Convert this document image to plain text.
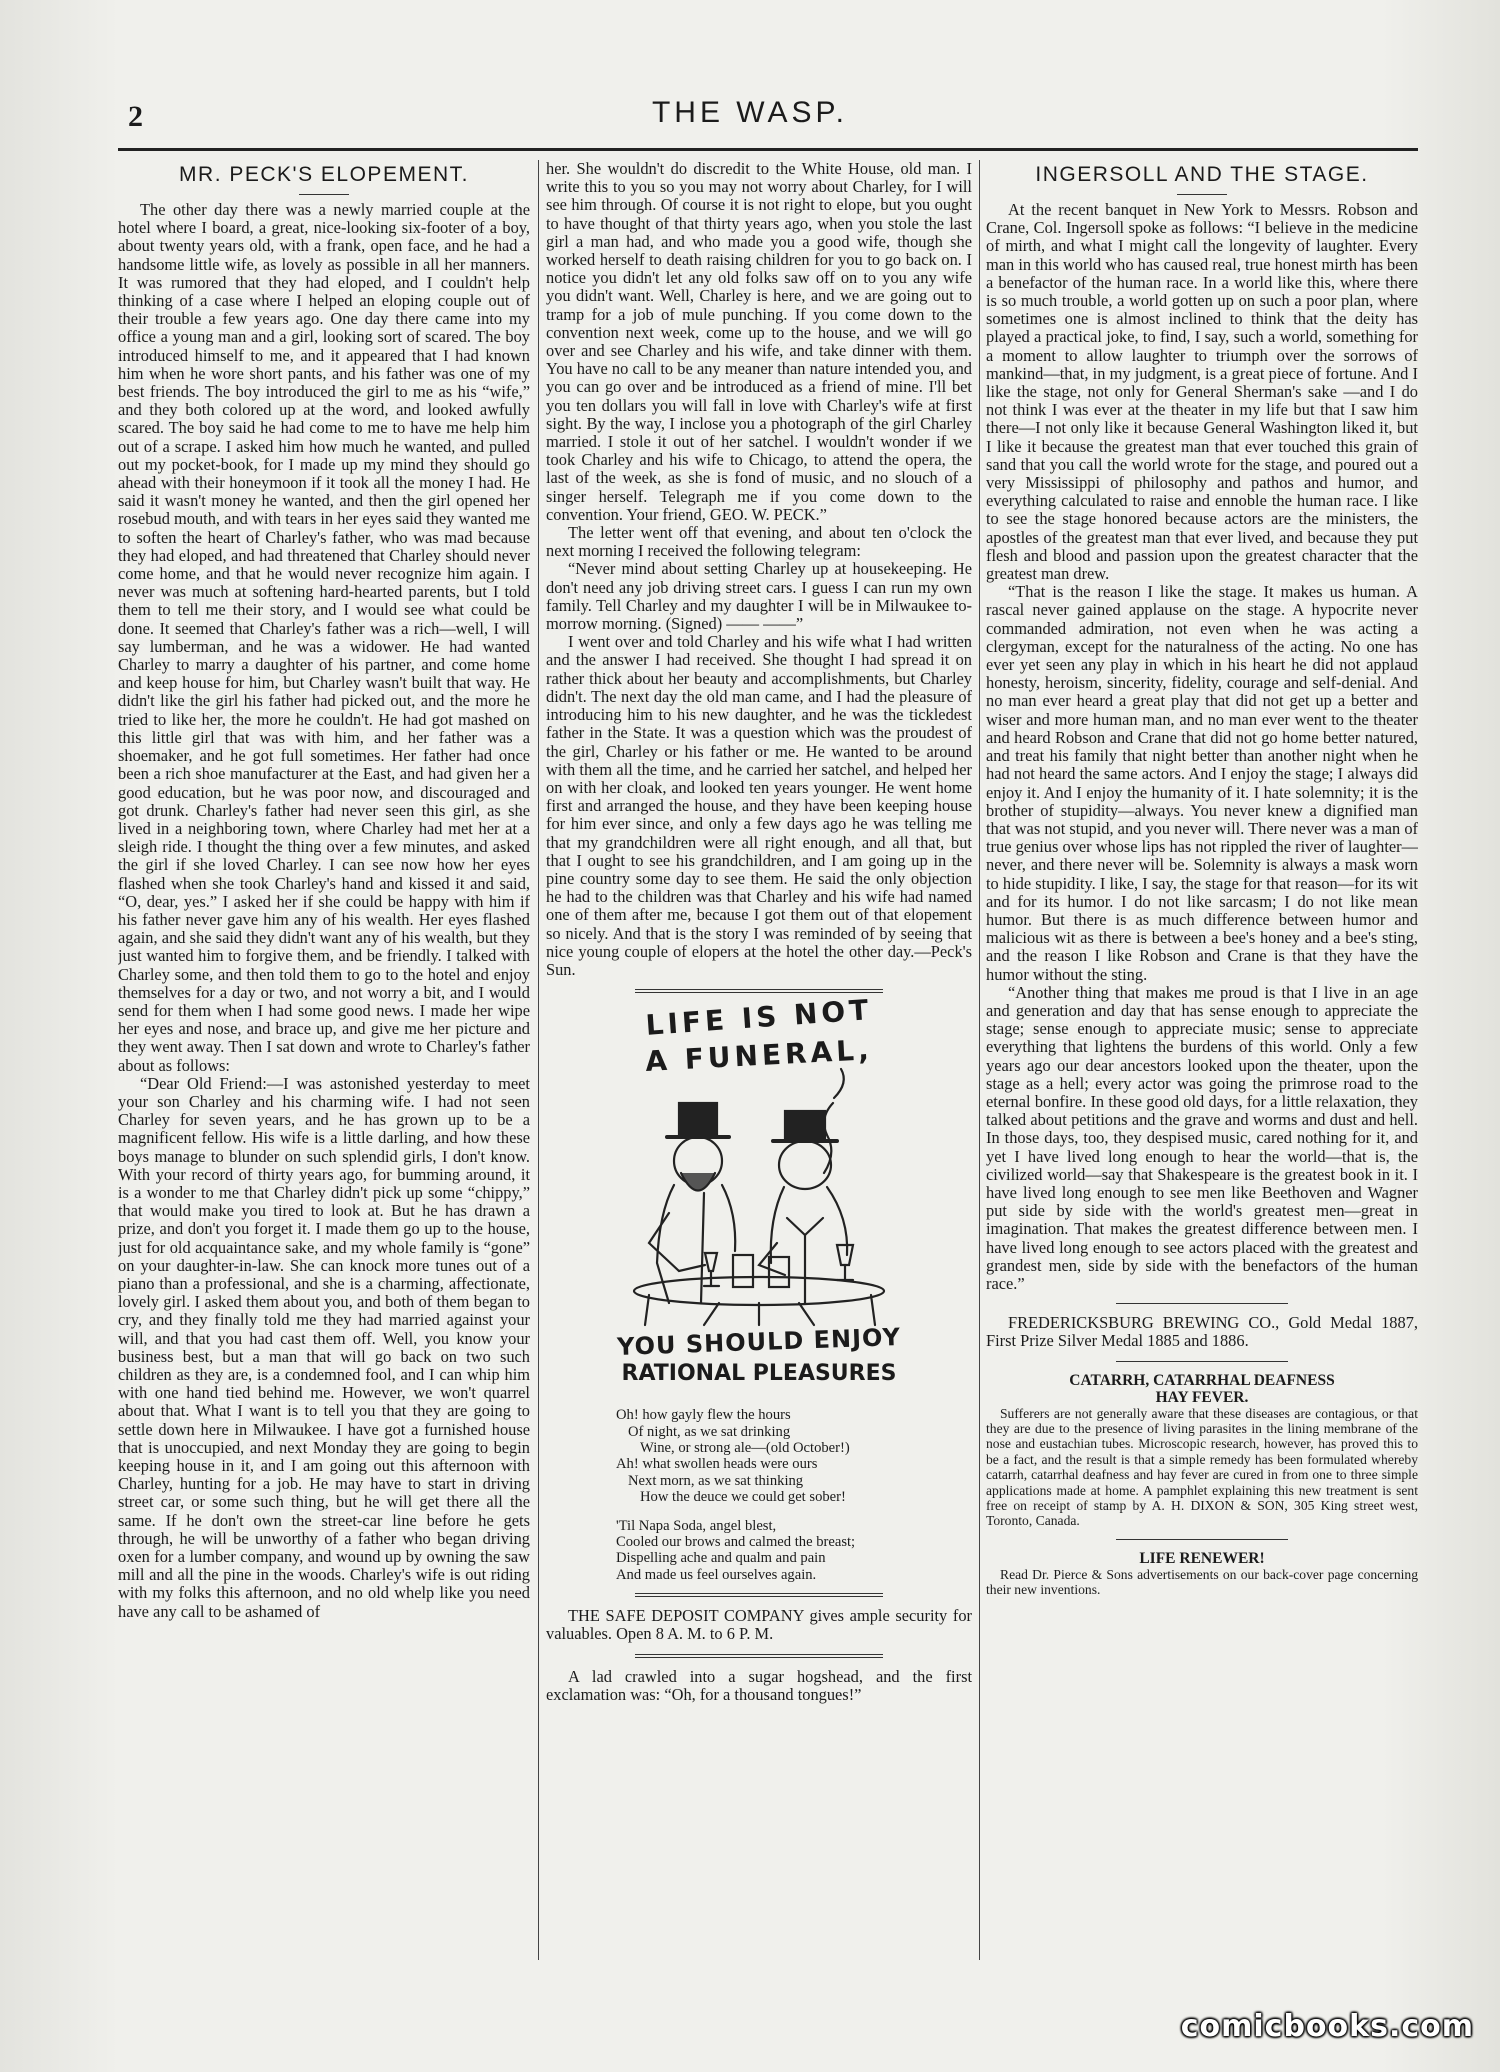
2	THE WASP.
MR. PECK'S ELOPEMENT.

The other day there was a newly married couple at the hotel where I board, a great, nice-looking six-footer of a boy, about twenty years old, with a frank, open face, and he had a handsome little wife, as lovely as possible in all her manners. It was rumored that they had eloped, and I couldn't help thinking of a case where I helped an eloping couple out of their trouble a few years ago. One day there came into my office a young man and a girl, looking sort of scared. The boy introduced himself to me, and it appeared that I had known him when he wore short pants, and his father was one of my best friends. The boy introduced the girl to me as his “wife,” and they both colored up at the word, and looked awfully scared. The boy said he had come to me to have me help him out of a scrape. I asked him how much he wanted, and pulled out my pocket-book, for I made up my mind they should go ahead with their honeymoon if it took all the money I had. He said it wasn't money he wanted, and then the girl opened her rosebud mouth, and with tears in her eyes said they wanted me to soften the heart of Charley's father, who was mad because they had eloped, and had threatened that Charley should never come home, and that he would never recognize him again. I never was much at softening hard-hearted parents, but I told them to tell me their story, and I would see what could be done. It seemed that Charley's father was a rich—well, I will say lumberman, and he was a widower. He had wanted Charley to marry a daughter of his partner, and come home and keep house for him, but Charley wasn't built that way. He didn't like the girl his father had picked out, and the more he tried to like her, the more he couldn't. He had got mashed on this little girl that was with him, and her father was a shoemaker, and he got full sometimes. Her father had once been a rich shoe manufacturer at the East, and had given her a good education, but he was poor now, and discouraged and got drunk. Charley's father had never seen this girl, as she lived in a neighboring town, where Charley had met her at a sleigh ride. I thought the thing over a few minutes, and asked the girl if she loved Charley. I can see now how her eyes flashed when she took Charley's hand and kissed it and said, “O, dear, yes.” I asked her if she could be happy with him if his father never gave him any of his wealth. Her eyes flashed again, and she said they didn't want any of his wealth, but they just wanted him to forgive them, and be friendly. I talked with Charley some, and then told them to go to the hotel and enjoy themselves for a day or two, and not worry a bit, and I would send for them when I had some good news. I made her wipe her eyes and nose, and brace up, and give me her picture and they went away. Then I sat down and wrote to Charley's father about as follows:

“Dear Old Friend:—I was astonished yesterday to meet your son Charley and his charming wife. I had not seen Charley for seven years, and he has grown up to be a magnificent fellow. His wife is a little darling, and how these boys manage to blunder on such splendid girls, I don't know. With your record of thirty years ago, for bumming around, it is a wonder to me that Charley didn't pick up some “chippy,” that would make you tired to look at. But he has drawn a prize, and don't you forget it. I made them go up to the house, just for old acquaintance sake, and my whole family is “gone” on your daughter-in-law. She can knock more tunes out of a piano than a professional, and she is a charming, affectionate, lovely girl. I asked them about you, and both of them began to cry, and they finally told me they had married against your will, and that you had cast them off. Well, you know your business best, but a man that will go back on two such children as they are, is a condemned fool, and I can whip him with one hand tied behind me. However, we won't quarrel about that. What I want is to tell you that they are going to settle down here in Milwaukee. I have got a furnished house that is unoccupied, and next Monday they are going to begin keeping house in it, and I am going out this afternoon with Charley, hunting for a job. He may have to start in driving street car, or some such thing, but he will get there all the same. If he don't own the street-car line before he gets through, he will be unworthy of a father who began driving oxen for a lumber company, and wound up by owning the saw mill and all the pine in the woods. Charley's wife is out riding with my folks this afternoon, and no old whelp like you need have any call to be ashamed of

her. She wouldn't do discredit to the White House, old man. I write this to you so you may not worry about Charley, for I will see him through. Of course it is not right to elope, but you ought to have thought of that thirty years ago, when you stole the last girl a man had, and who made you a good wife, though she worked herself to death raising children for you to go back on. I notice you didn't let any old folks saw off on to you any wife you didn't want. Well, Charley is here, and we are going out to tramp for a job of mule punching. If you come down to the convention next week, come up to the house, and we will go over and see Charley and his wife, and take dinner with them. You have no call to be any meaner than nature intended you, and you can go over and be introduced as a friend of mine. I'll bet you ten dollars you will fall in love with Charley's wife at first sight. By the way, I inclose you a photograph of the girl Charley married. I stole it out of her satchel. I wouldn't wonder if we took Charley and his wife to Chicago, to attend the opera, the last of the week, as she is fond of music, and no slouch of a singer herself. Telegraph me if you come down to the convention. Your friend, GEO. W. PECK.”

The letter went off that evening, and about ten o'clock the next morning I received the following telegram:

“Never mind about setting Charley up at housekeeping. He don't need any job driving street cars. I guess I can run my own family. Tell Charley and my daughter I will be in Milwaukee to-morrow morning. (Signed) —— ——”

I went over and told Charley and his wife what I had written and the answer I had received. She thought I had spread it on rather thick about her beauty and accomplishments, but Charley didn't. The next day the old man came, and I had the pleasure of introducing him to his new daughter, and he was the tickledest father in the State. It was a question which was the proudest of the girl, Charley or his father or me. He wanted to be around with them all the time, and he carried her satchel, and helped her on with her cloak, and looked ten years younger. He went home first and arranged the house, and they have been keeping house for him ever since, and only a few days ago he was telling me that my grandchildren were all right enough, and all that, but that I ought to see his grandchildren, and I am going up in the pine country some day to see them. He said the only objection he had to the children was that Charley and his wife had named one of them after me, because I got them out of that elopement so nicely. And that is the story I was reminded of by seeing that nice young couple of elopers at the hotel the other day.—Peck's Sun.

LIFE IS NOT
A FUNERAL,
YOU SHOULD ENJOY
RATIONAL PLEASURES
Oh! how gayly flew the hours
Of night, as we sat drinking
Wine, or strong ale—(old October!)
Ah! what swollen heads were ours
Next morn, as we sat thinking
How the deuce we could get sober!
'Til Napa Soda, angel blest,
Cooled our brows and calmed the breast;
Dispelling ache and qualm and pain
And made us feel ourselves again.

THE SAFE DEPOSIT COMPANY gives ample security for valuables. Open 8 A. M. to 6 P. M.

A lad crawled into a sugar hogshead, and the first exclamation was: “Oh, for a thousand tongues!”

INGERSOLL AND THE STAGE.

At the recent banquet in New York to Messrs. Robson and Crane, Col. Ingersoll spoke as follows: “I believe in the medicine of mirth, and what I might call the longevity of laughter. Every man in this world who has caused real, true honest mirth has been a benefactor of the human race. In a world like this, where there is so much trouble, a world gotten up on such a poor plan, where sometimes one is almost inclined to think that the deity has played a practical joke, to find, I say, such a world, something for a moment to allow laughter to triumph over the sorrows of mankind—that, in my judgment, is a great piece of fortune. And I like the stage, not only for General Sherman's sake —and I do not think I was ever at the theater in my life but that I saw him there—I not only like it because General Washington liked it, but I like it because the greatest man that ever touched this grain of sand that you call the world wrote for the stage, and poured out a very Mississippi of philosophy and pathos and humor, and everything calculated to raise and ennoble the human race. I like to see the stage honored because actors are the ministers, the apostles of the greatest man that ever lived, and because they put flesh and blood and passion upon the greatest character that the greatest man drew.

“That is the reason I like the stage. It makes us human. A rascal never gained applause on the stage. A hypocrite never commanded admiration, not even when he was acting a clergyman, except for the naturalness of the acting. No one has ever yet seen any play in which in his heart he did not applaud honesty, heroism, sincerity, fidelity, courage and self-denial. And no man ever heard a great play that did not get up a better and wiser and more human man, and no man ever went to the theater and heard Robson and Crane that did not go home better natured, and treat his family that night better than another night when he had not heard the same actors. And I enjoy the stage; I always did enjoy it. And I enjoy the humanity of it. I hate solemnity; it is the brother of stupidity—always. You never knew a dignified man that was not stupid, and you never will. There never was a man of true genius over whose lips has not rippled the river of laughter—never, and there never will be. Solemnity is always a mask worn to hide stupidity. I like, I say, the stage for that reason—for its wit and for its humor. I do not like sarcasm; I do not like mean humor. But there is as much difference between humor and malicious wit as there is between a bee's honey and a bee's sting, and the reason I like Robson and Crane is that they have the humor without the sting.

“Another thing that makes me proud is that I live in an age and generation and day that has sense enough to appreciate the stage; sense enough to appreciate music; sense to appreciate everything that lightens the burdens of this world. Only a few years ago our dear ancestors looked upon the theater, upon the stage as a hell; every actor was going the primrose road to the eternal bonfire. In these good old days, for a little relaxation, they talked about petitions and the grave and worms and dust and hell. In those days, too, they despised music, cared nothing for it, and yet I have lived long enough to hear the world—that is, the civilized world—say that Shakespeare is the greatest book in it. I have lived long enough to see men like Beethoven and Wagner put side by side with the world's greatest men—great in imagination. That makes the greatest difference between men. I have lived long enough to see actors placed with the greatest and grandest men, side by side with the benefactors of the human race.”

FREDERICKSBURG BREWING CO., Gold Medal 1887, First Prize Silver Medal 1885 and 1886.

CATARRH, CATARRHAL DEAFNESS
HAY FEVER.

Sufferers are not generally aware that these diseases are contagious, or that they are due to the presence of living parasites in the lining membrane of the nose and eustachian tubes. Microscopic research, however, has proved this to be a fact, and the result is that a simple remedy has been formulated whereby catarrh, catarrhal deafness and hay fever are cured in from one to three simple applications made at home. A pamphlet explaining this new treatment is sent free on receipt of stamp by A. H. DIXON & SON, 305 King street west, Toronto, Canada.

LIFE RENEWER!

Read Dr. Pierce & Sons advertisements on our back-cover page concerning their new inventions.

comicbooks.com
